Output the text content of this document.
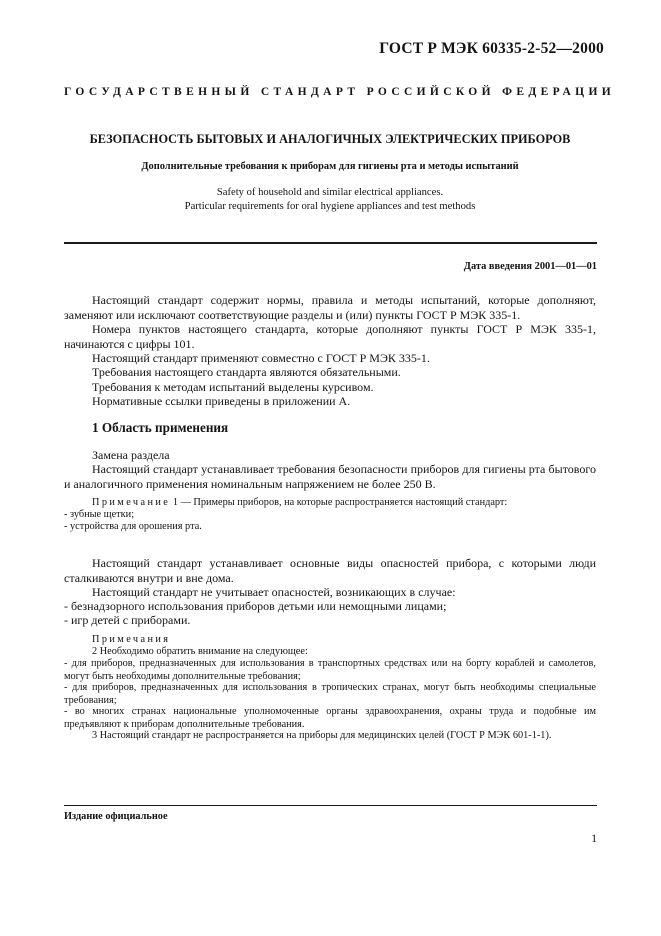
ГОСТ Р МЭК 60335-2-52—2000
ГОСУДАРСТВЕННЫЙ СТАНДАРТ РОССИЙСКОЙ ФЕДЕРАЦИИ
БЕЗОПАСНОСТЬ БЫТОВЫХ И АНАЛОГИЧНЫХ ЭЛЕКТРИЧЕСКИХ ПРИБОРОВ
Дополнительные требования к приборам для гигиены рта и методы испытаний
Safety of household and similar electrical appliances.
Particular requirements for oral hygiene appliances and test methods
Дата введения 2001—01—01

Настоящий стандарт содержит нормы, правила и методы испытаний, которые дополняют, заменяют или исключают соответствующие разделы и (или) пункты ГОСТ Р МЭК 335-1.

Номера пунктов настоящего стандарта, которые дополняют пункты ГОСТ Р МЭК 335-1, начинаются с цифры 101.

Настоящий стандарт применяют совместно с ГОСТ Р МЭК 335-1.

Требования настоящего стандарта являются обязательными.

Требования к методам испытаний выделены курсивом.

Нормативные ссылки приведены в приложении А.

1 Область применения

Замена раздела

Настоящий стандарт устанавливает требования безопасности приборов для гигиены рта бытового и аналогичного применения номинальным напряжением не более 250 В.

Примечание 1 — Примеры приборов, на которые распространяется настоящий стандарт:

- зубные щетки;

- устройства для орошения рта.

Настоящий стандарт устанавливает основные виды опасностей прибора, с которыми люди сталкиваются внутри и вне дома.

Настоящий стандарт не учитывает опасностей, возникающих в случае:

- безнадзорного использования приборов детьми или немощными лицами;

- игр детей с приборами.

Примечания

2 Необходимо обратить внимание на следующее:

- для приборов, предназначенных для использования в транспортных средствах или на борту кораблей и самолетов, могут быть необходимы дополнительные требования;

- для приборов, предназначенных для использования в тропических странах, могут быть необходимы специальные требования;

- во многих странах национальные уполномоченные органы здравоохранения, охраны труда и подобные им предъявляют к приборам дополнительные требования.

3 Настоящий стандарт не распространяется на приборы для медицинских целей (ГОСТ Р МЭК 601-1-1).

Издание официальное
1
